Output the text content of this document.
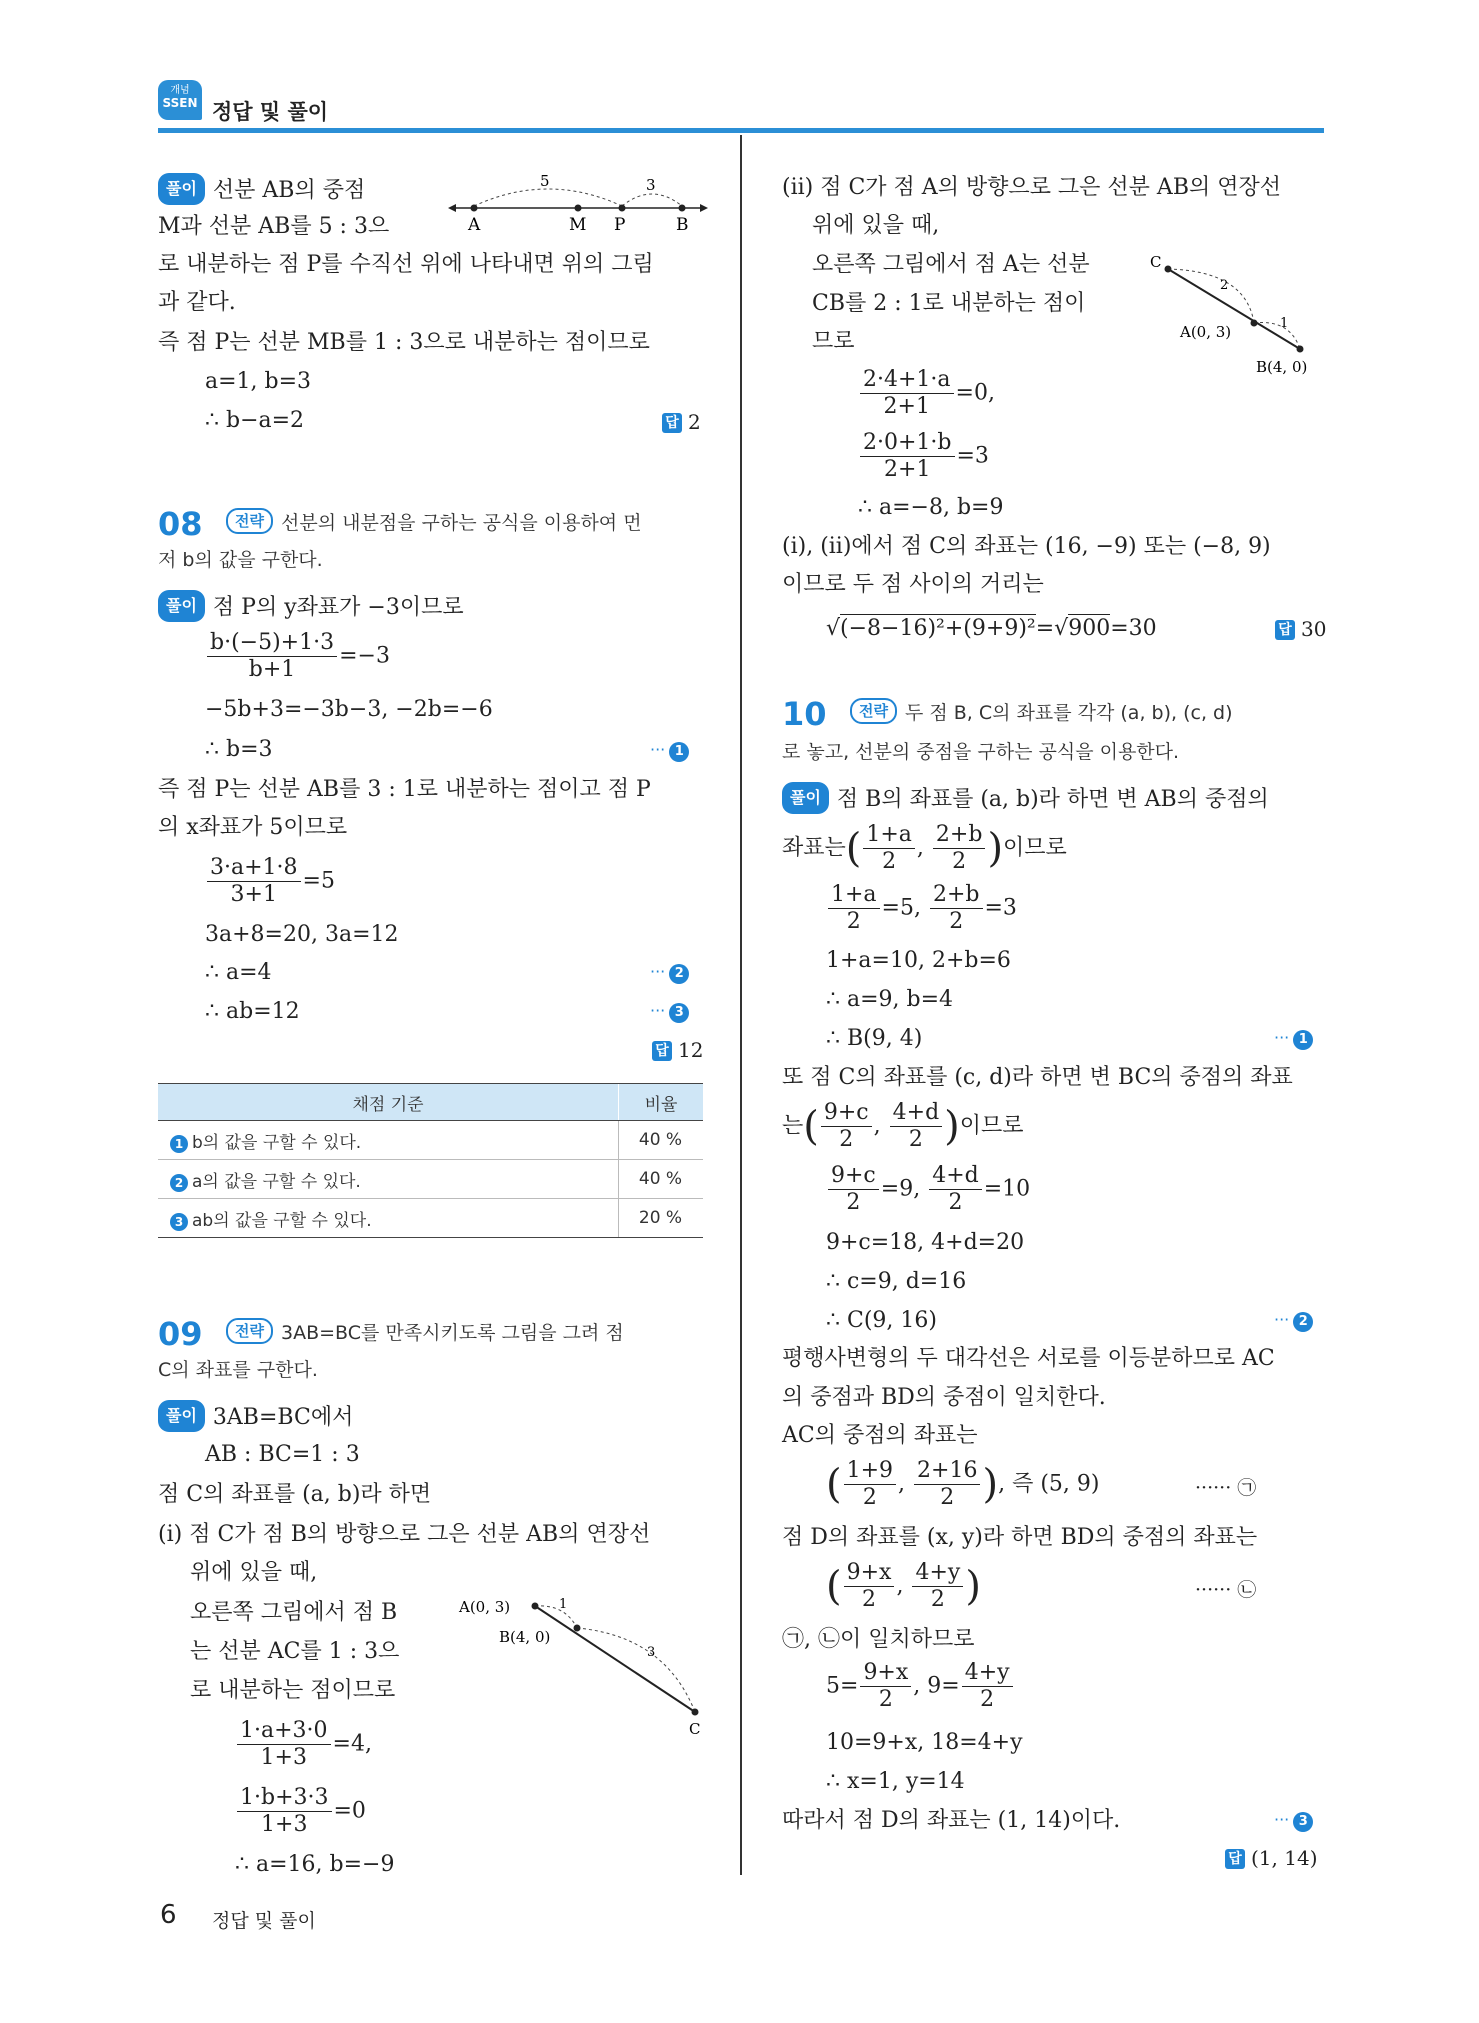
개념
SSEN 정답 및 풀이
풀이 선분 AB의 중점	5	3
A	M P	B
M과 선분 AB를 5 : 3으
로 내분하는 점 P를 수직선 위에 나타내면 위의 그림
과 같다.
즉 점 P는 선분 MB를 1 : 3으로 내분하는 점이므로
a=1, b=3
∴ b−a=2	답 2
08	전략 선분의 내분점을 구하는 공식을 이용하여 먼
저 b의 값을 구한다.
풀이 점 P의 y좌표가 −3이므로
$\frac{b\cdot(-5)+1\cdot 3}{b+1} =-3$
−5b+3=−3b−3, −2b=−6
∴ b=3	··· 1
즉 점 P는 선분 AB를 3 : 1로 내분하는 점이고 점 P
의 x좌표가 5이므로
$\frac{3\cdot a+1\cdot 8}{3+1} =5$
3a+8=20, 3a=12
∴ a=4	··· 2
∴ ab=12	··· 3
답 12
채점 기준	비율
1 b의 값을 구할 수 있다.	40 %
2 a의 값을 구할 수 있다.	40 %
3 ab의 값을 구할 수 있다.	20 %
09	전략 3AB=BC를 만족시키도록 그림을 그려 점
C의 좌표를 구한다.
풀이 3AB=BC에서
AB : BC=1 : 3
점 C의 좌표를 (a, b)라 하면
(i) 점 C가 점 B의 방향으로 그은 선분 AB의 연장선
위에 있을 때,
오른쪽 그림에서 점 B
는 선분 AC를 1 : 3으
로 내분하는 점이므로
A(0, 3)
B(4, 0)
C
1
3
$\frac{1\cdot a+3\cdot 0}{1+3} =4$,
$\frac{1\cdot b+3\cdot 3}{1+3} =0$
∴ a=16, b=−9
(ii) 점 C가 점 A의 방향으로 그은 선분 AB의 연장선
위에 있을 때,
오른쪽 그림에서 점 A는 선분
CB를 2 : 1로 내분하는 점이
므로
C
A(0, 3)
B(4, 0)
2
1
$\frac{2\cdot 4+1\cdot a}{2+1} =0$,
$\frac{2\cdot 0+1\cdot b}{2+1} =3$
∴ a=−8, b=9
(i), (ii)에서 점 C의 좌표는 (16, −9) 또는 (−8, 9)
이므로 두 점 사이의 거리는
√(−8−16)²+(9+9)²=√900=30	답 30
10	전략 두 점 B, C의 좌표를 각각 (a, b), (c, d)
로 놓고, 선분의 중점을 구하는 공식을 이용한다.
풀이 점 B의 좌표를 (a, b)라 하면 변 AB의 중점의
좌표는( $\frac{1+a}{2}$ , $\frac{2+b}{2}$ )이므로
$\frac{1+a}{2} =5$, $\frac{2+b}{2} =3$
1+a=10, 2+b=6
∴ a=9, b=4
∴ B(9, 4)	··· 1
또 점 C의 좌표를 (c, d)라 하면 변 BC의 중점의 좌표
는( $\frac{9+c}{2}$ , $\frac{4+d}{2}$ )이므로
$\frac{9+c}{2} =9$, $\frac{4+d}{2} =10$
9+c=18, 4+d=20
∴ c=9, d=16
∴ C(9, 16)	··· 2
평행사변형의 두 대각선은 서로를 이등분하므로 AC
의 중점과 BD의 중점이 일치한다.
AC의 중점의 좌표는
( $\frac{1+9}{2}$ , $\frac{2+16}{2}$ ), 즉 (5, 9)	······ ㉠
점 D의 좌표를 (x, y)라 하면 BD의 중점의 좌표는
( $\frac{9+x}{2}$ , $\frac{4+y}{2}$ )	······ ㉡
㉠, ㉡이 일치하므로
$5= \frac{9+x}{2}$ , $9= \frac{4+y}{2}$
10=9+x, 18=4+y
∴ x=1, y=14
따라서 점 D의 좌표는 (1, 14)이다.	··· 3
답 (1, 14)
6 정답 및 풀이
